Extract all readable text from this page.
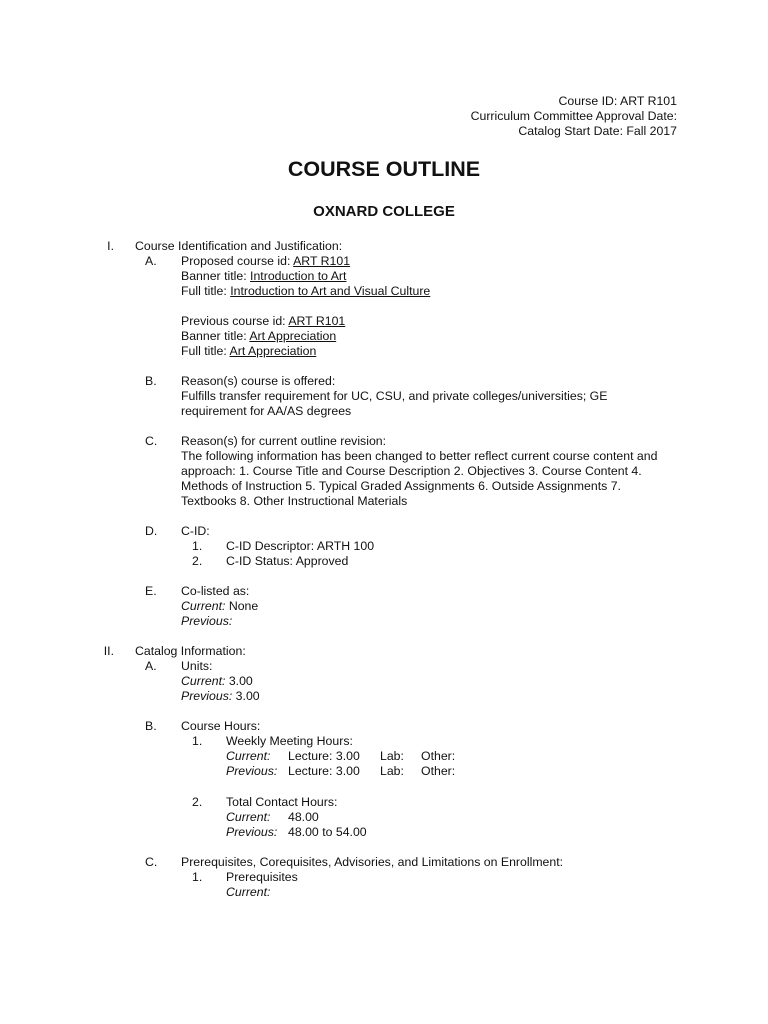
Course ID: ART R101
Curriculum Committee Approval Date:
Catalog Start Date: Fall 2017
COURSE OUTLINE
OXNARD COLLEGE
I. Course Identification and Justification:
A. Proposed course id: ART R101
Banner title: Introduction to Art
Full title: Introduction to Art and Visual Culture
Previous course id: ART R101
Banner title: Art Appreciation
Full title: Art Appreciation
B. Reason(s) course is offered:
Fulfills transfer requirement for UC, CSU, and private colleges/universities; GE requirement for AA/AS degrees
C. Reason(s) for current outline revision:
The following information has been changed to better reflect current course content and approach: 1. Course Title and Course Description 2. Objectives 3. Course Content 4. Methods of Instruction 5. Typical Graded Assignments 6. Outside Assignments 7. Textbooks 8. Other Instructional Materials
D. C-ID:
1. C-ID Descriptor: ARTH 100
2. C-ID Status: Approved
E. Co-listed as:
Current: None
Previous:
II. Catalog Information:
A. Units:
Current: 3.00
Previous: 3.00
B. Course Hours:
1. Weekly Meeting Hours:
Current: Lecture: 3.00 Lab: Other:
Previous: Lecture: 3.00 Lab: Other:
2. Total Contact Hours:
Current: 48.00
Previous: 48.00 to 54.00
C. Prerequisites, Corequisites, Advisories, and Limitations on Enrollment:
1. Prerequisites
Current:
